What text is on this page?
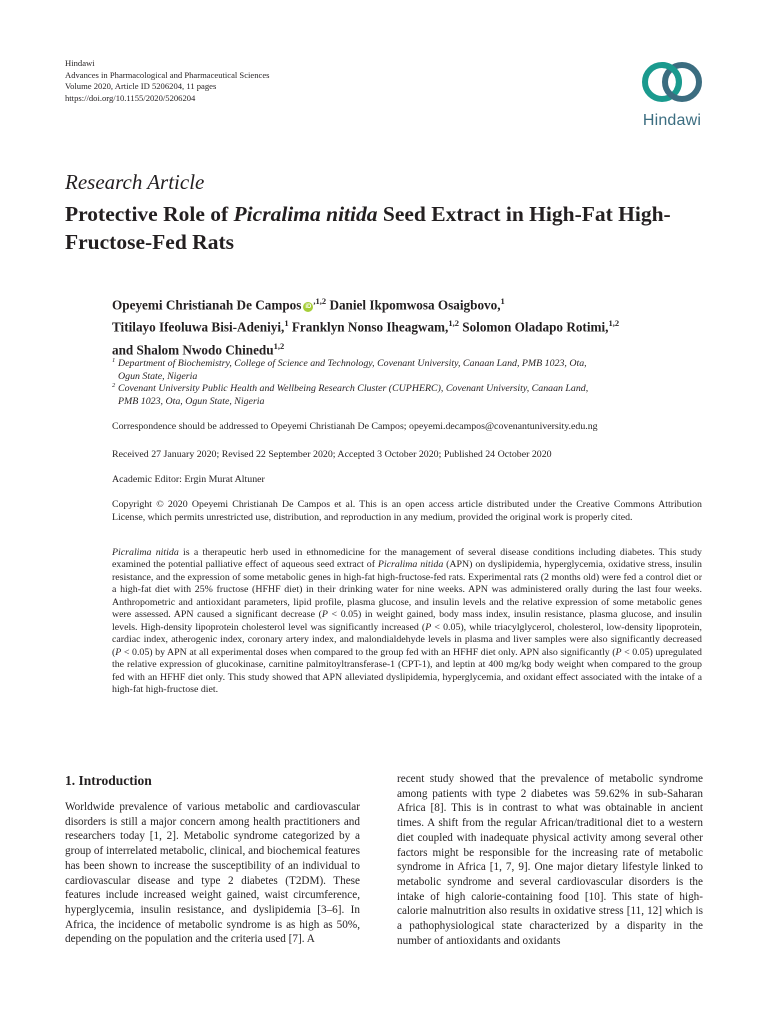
Hindawi
Advances in Pharmacological and Pharmaceutical Sciences
Volume 2020, Article ID 5206204, 11 pages
https://doi.org/10.1155/2020/5206204
Hindawi
Research Article
Protective Role of Picralima nitida Seed Extract in High-Fat High-Fructose-Fed Rats
Opeyemi Christianah De Campos $iD^{,1,2}$ Daniel Ikpomwosa Osaigbovo,$^1$
Titilayo Ifeoluwa Bisi-Adeniyi,$^1$ Franklyn Nonso Iheagwam,$^{1,2}$ Solomon Oladapo Rotimi,$^{1,2}$
and Shalom Nwodo Chinedu$^{1,2}$
1 Department of Biochemistry, College of Science and Technology, Covenant University, Canaan Land, PMB 1023, Ota,
Ogun State, Nigeria
2 Covenant University Public Health and Wellbeing Research Cluster (CUPHERC), Covenant University, Canaan Land,
PMB 1023, Ota, Ogun State, Nigeria
Correspondence should be addressed to Opeyemi Christianah De Campos; opeyemi.decampos@covenantuniversity.edu.ng
Received 27 January 2020; Revised 22 September 2020; Accepted 3 October 2020; Published 24 October 2020
Academic Editor: Ergin Murat Altuner
Copyright © 2020 Opeyemi Christianah De Campos et al. This is an open access article distributed under the Creative Commons Attribution License, which permits unrestricted use, distribution, and reproduction in any medium, provided the original work is properly cited.
Picralima nitida is a therapeutic herb used in ethnomedicine for the management of several disease conditions including diabetes. This study examined the potential palliative effect of aqueous seed extract of Picralima nitida (APN) on dyslipidemia, hyperglycemia, oxidative stress, insulin resistance, and the expression of some metabolic genes in high-fat high-fructose-fed rats. Experimental rats (2 months old) were fed a control diet or a high-fat diet with 25% fructose (HFHF diet) in their drinking water for nine weeks. APN was administered orally during the last four weeks. Anthropometric and antioxidant parameters, lipid profile, plasma glucose, and insulin levels and the relative expression of some metabolic genes were assessed. APN caused a significant decrease (P < 0.05) in weight gained, body mass index, insulin resistance, plasma glucose, and insulin levels. High-density lipoprotein cholesterol level was significantly increased (P < 0.05), while triacylglycerol, cholesterol, low-density lipoprotein, cardiac index, atherogenic index, coronary artery index, and malondialdehyde levels in plasma and liver samples were also significantly decreased (P < 0.05) by APN at all experimental doses when compared to the group fed with an HFHF diet only. APN also significantly (P < 0.05) upregulated the relative expression of glucokinase, carnitine palmitoyltransferase-1 (CPT-1), and leptin at 400 mg/kg body weight when compared to the group fed with an HFHF diet only. This study showed that APN alleviated dyslipidemia, hyperglycemia, and oxidant effect associated with the intake of a high-fat high-fructose diet.
1. Introduction
Worldwide prevalence of various metabolic and cardiovascular disorders is still a major concern among health practitioners and researchers today [1, 2]. Metabolic syndrome categorized by a group of interrelated metabolic, clinical, and biochemical features has been shown to increase the susceptibility of an individual to cardiovascular disease and type 2 diabetes (T2DM). These features include increased weight gained, waist circumference, hyperglycemia, insulin resistance, and dyslipidemia [3–6]. In Africa, the incidence of metabolic syndrome is as high as 50%, depending on the population and the criteria used [7]. A
recent study showed that the prevalence of metabolic syndrome among patients with type 2 diabetes was 59.62% in sub-Saharan Africa [8]. This is in contrast to what was obtainable in ancient times. A shift from the regular African/traditional diet to a western diet coupled with inadequate physical activity among several other factors might be responsible for the increasing rate of metabolic syndrome in Africa [1, 7, 9]. One major dietary lifestyle linked to metabolic syndrome and several cardiovascular disorders is the intake of high calorie-containing food [10]. This state of high-calorie malnutrition also results in oxidative stress [11, 12] which is a pathophysiological state characterized by a disparity in the number of antioxidants and oxidants
